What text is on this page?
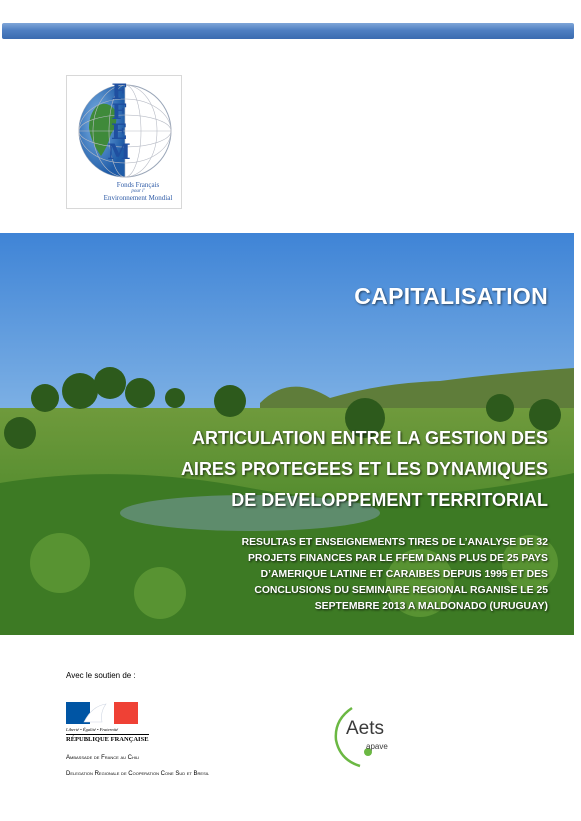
F
F
E
M
Fonds Français
pour l'
Environnement Mondial
CAPITALISATION
ARTICULATION ENTRE LA GESTION DES
AIRES PROTEGEES ET LES DYNAMIQUES
DE DEVELOPPEMENT TERRITORIAL

RESULTAS ET ENSEIGNEMENTS TIRES DE L’ANALYSE DE 32
PROJETS FINANCES PAR LE FFEM DANS PLUS DE 25 PAYS
D’AMERIQUE LATINE ET CARAIBES DEPUIS 1995 ET DES
CONCLUSIONS DU SEMINAIRE REGIONAL RGANISE LE 25
SEPTEMBRE 2013 A MALDONADO (URUGUAY)

Avec le soutien de :
Liberté • Égalité • Fraternité
RÉPUBLIQUE FRANÇAISE
Ambassade de France au Chili
Delegation Regionale de Cooperation Cone Sud et Bresil
Aets
apave
